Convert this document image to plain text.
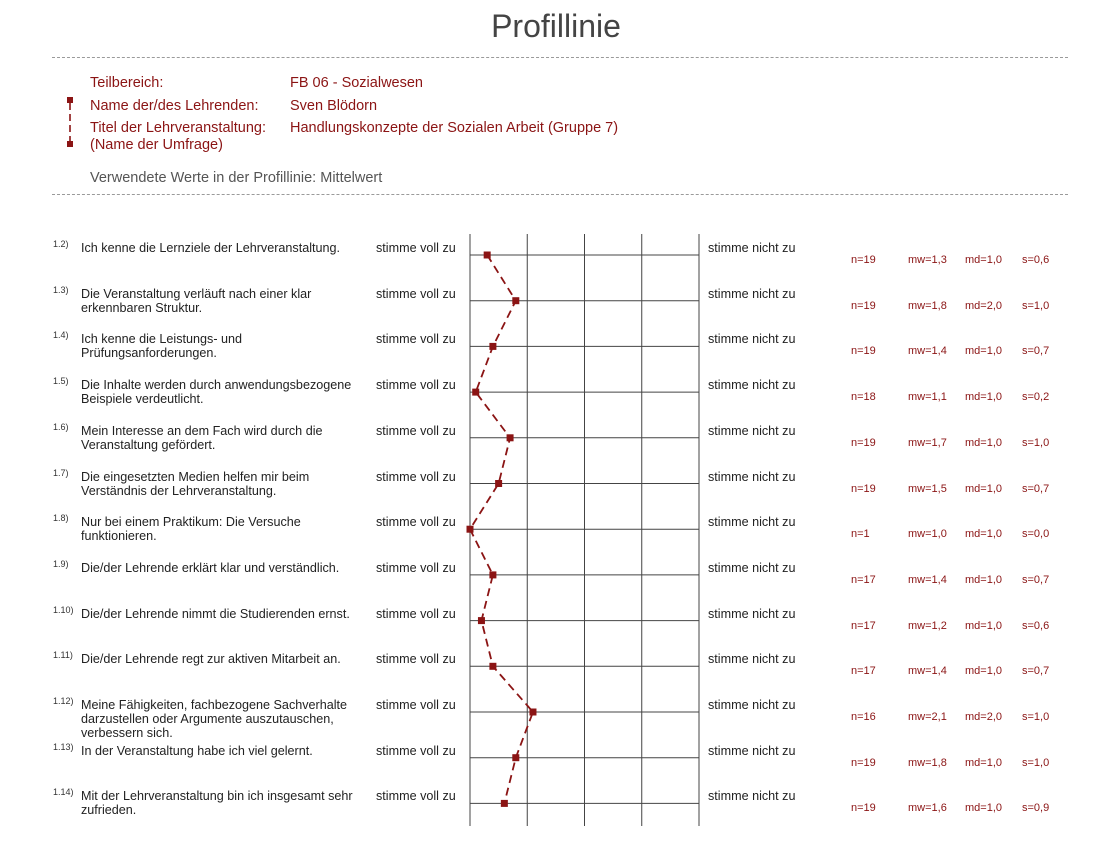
Profillinie
Teilbereich:	FB 06 - Sozialwesen
Name der/des Lehrenden: Sven Blödorn
Titel der Lehrveranstaltung:
(Name der Umfrage)
Handlungskonzepte der Sozialen Arbeit (Gruppe 7)
Verwendete Werte in der Profillinie: Mittelwert
1.2) Ich kenne die Lernziele der Lehrveranstaltung.	stimme voll zu	stimme nicht zu
n=19	mw=1,3 md=1,0 s=0,6
1.3) Die Veranstaltung verläuft nach einer klar erkennbaren Struktur.
stimme voll zu	stimme nicht zu
n=19	mw=1,8 md=2,0 s=1,0
1.4) Ich kenne die Leistungs- und Prüfungsanforderungen.
stimme voll zu	stimme nicht zu
n=19	mw=1,4 md=1,0 s=0,7
1.5) Die Inhalte werden durch anwendungsbezogene Beispiele verdeutlicht.
stimme voll zu	stimme nicht zu
n=18	mw=1,1 md=1,0 s=0,2
1.6) Mein Interesse an dem Fach wird durch die Veranstaltung gefördert.
stimme voll zu	stimme nicht zu
n=19	mw=1,7 md=1,0 s=1,0
1.7) Die eingesetzten Medien helfen mir beim Verständnis der Lehrveranstaltung.
stimme voll zu	stimme nicht zu
n=19	mw=1,5 md=1,0 s=0,7
1.8) Nur bei einem Praktikum: Die Versuche funktionieren.
stimme voll zu	stimme nicht zu
n=1	mw=1,0 md=1,0 s=0,0
1.9) Die/der Lehrende erklärt klar und verständlich.	stimme voll zu	stimme nicht zu
n=17	mw=1,4 md=1,0 s=0,7
1.10) Die/der Lehrende nimmt die Studierenden ernst.	stimme voll zu	stimme nicht zu
n=17	mw=1,2 md=1,0 s=0,6
1.11) Die/der Lehrende regt zur aktiven Mitarbeit an.	stimme voll zu	stimme nicht zu
n=17	mw=1,4 md=1,0 s=0,7
1.12) Meine Fähigkeiten, fachbezogene Sachverhalte darzustellen oder Argumente auszutauschen, verbessern sich.
stimme voll zu	stimme nicht zu
n=16	mw=2,1 md=2,0 s=1,0
1.13) In der Veranstaltung habe ich viel gelernt.	stimme voll zu	stimme nicht zu
n=19	mw=1,8 md=1,0 s=1,0
1.14) Mit der Lehrveranstaltung bin ich insgesamt sehr zufrieden.
stimme voll zu	stimme nicht zu
n=19	mw=1,6 md=1,0 s=0,9
